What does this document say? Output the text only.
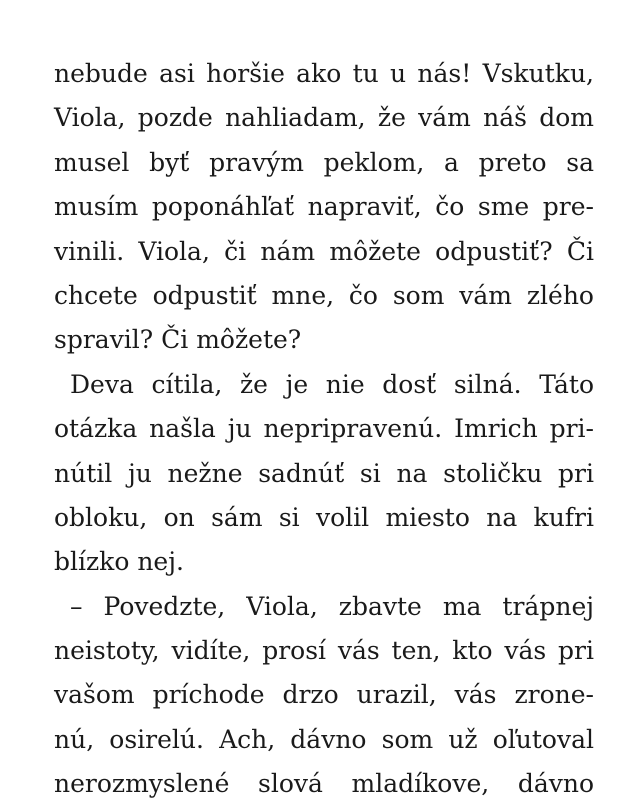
nebude asi horšie ako tu u nás! Vskutku,
Viola, pozde nahliadam, že vám náš dom
musel byť pravým peklom, a preto sa
musím poponáhľať napraviť, čo sme pre-
vinili. Viola, či nám môžete odpustiť? Či
chcete odpustiť mne, čo som vám zlého
spravil? Či môžete?
Deva cítila, že je nie dosť silná. Táto
otázka našla ju nepripravenú. Imrich pri-
nútil ju nežne sadnúť si na stoličku pri
obloku, on sám si volil miesto na kufri
blízko nej.
– Povedzte, Viola, zbavte ma trápnej
neistoty, vidíte, prosí vás ten, kto vás pri
vašom príchode drzo urazil, vás zrone-
nú, osirelú. Ach, dávno som už oľutoval
nerozmyslené slová mladíkove, dávno
